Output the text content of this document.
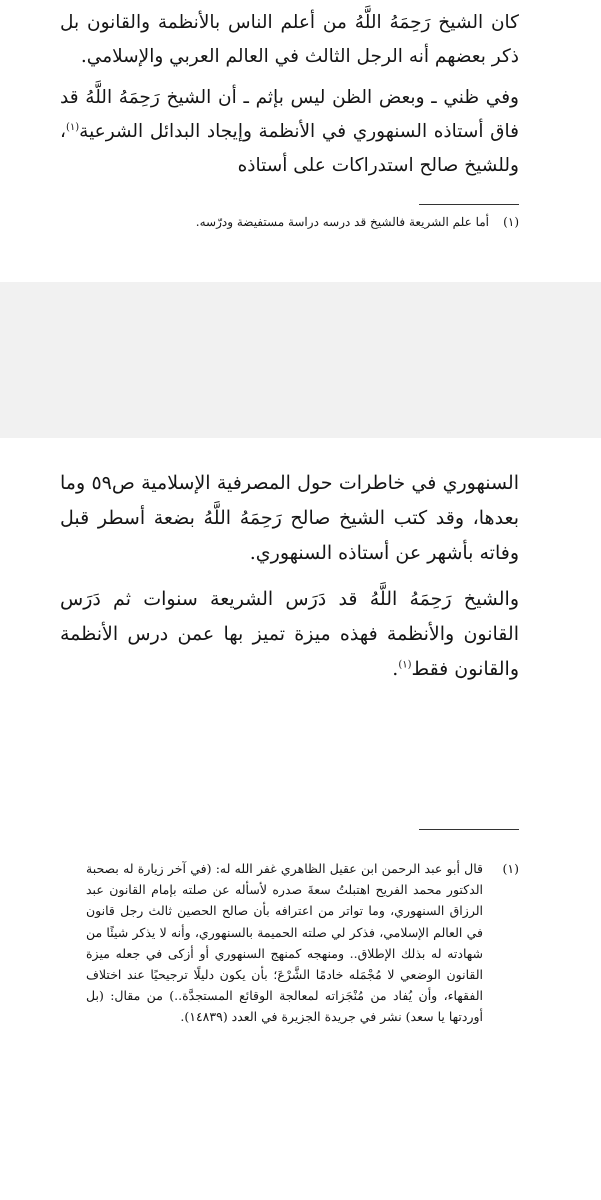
كان الشيخ رَحِمَهُ اللَّهُ من أعلم الناس بالأنظمة والقانون بل ذكر بعضهم أنه الرجل الثالث في العالم العربي والإسلامي.

وفي ظني ـ وبعض الظن ليس بإثم ـ أن الشيخ رَحِمَهُ اللَّهُ قد فاق أستاذه السنهوري في الأنظمة وإيجاد البدائل الشرعية$^{(١)}$، وللشيخ صالح استدراكات على أستاذه

(١)

أما علم الشريعة فالشيخ قد درسه دراسة مستفيضة ودرّسه.

السنهوري في خاطرات حول المصرفية الإسلامية ص٥٩ وما بعدها، وقد كتب الشيخ صالح رَحِمَهُ اللَّهُ بضعة أسطر قبل وفاته بأشهر عن أستاذه السنهوري.

والشيخ رَحِمَهُ اللَّهُ قد دَرَس الشريعة سنوات ثم دَرَس القانون والأنظمة فهذه ميزة تميز بها عمن درس الأنظمة والقانون فقط$^{(١)}$.

(١)

قال أبو عبد الرحمن ابن عقيل الظاهري غفر الله له: (في آخر زيارة له بصحبة الدكتور محمد الفريح اهتبلتُ سعةَ صدره لأسأله عن صلته بإمام القانون عبد الرزاق السنهوري، وما تواتر من اعترافه بأن صالح الحصين ثالث رجل قانون في العالم الإسلامي، فذكر لي صلته الحميمة بالسنهوري، وأنه لا يذكر شيئًا من شهادته له بذلك الإطلاق.. ومنهجه كمنهج السنهوري أو أزكى في جعله ميزة القانون الوضعي لا مُجْمَله خادمًا الشَّرْعَ؛ بأن يكون دليلًا ترجيحيًا عند اختلاف الفقهاء، وأن يُفاد من مُنْجَزاته لمعالجة الوقائع المستجدَّة..) من مقال: (بل أوردتها يا سعد) نشر في جريدة الجزيرة في العدد (١٤٨٣٩).
